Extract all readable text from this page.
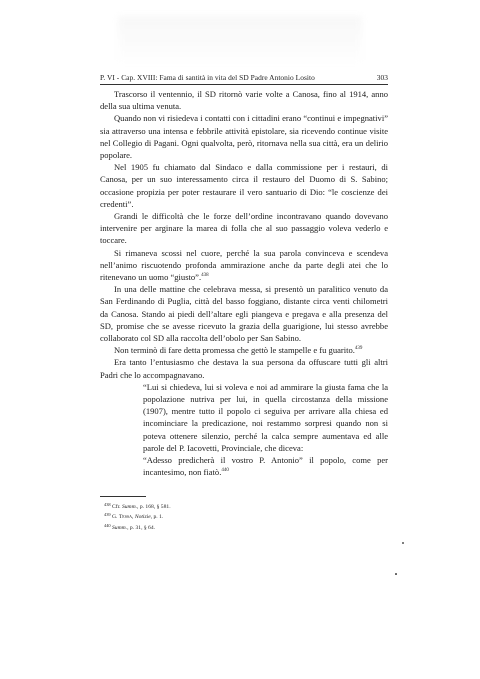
P. VI - Cap. XVIII: Fama di santità in vita del SD Padre Antonio Losito	303

Trascorso il ventennio, il SD ritornò varie volte a Canosa, fino al 1914, anno della sua ultima venuta.

Quando non vi risiedeva i contatti con i cittadini erano “continui e impegnativi” sia attraverso una intensa e febbrile attività epistolare, sia ricevendo continue visite nel Collegio di Pagani. Ogni qualvolta, però, ritornava nella sua città, era un delirio popolare.

Nel 1905 fu chiamato dal Sindaco e dalla commissione per i restauri, di Canosa, per un suo interessamento circa il restauro del Duomo di S. Sabino; occasione propizia per poter restaurare il vero santuario di Dio: “le coscienze dei credenti”.

Grandi le difficoltà che le forze dell’ordine incontravano quando dovevano intervenire per arginare la marea di folla che al suo passaggio voleva vederlo e toccare.

Si rimaneva scossi nel cuore, perché la sua parola convinceva e scendeva nell’animo riscuotendo profonda ammirazione anche da parte degli atei che lo ritenevano un uomo “giusto”.$^{438}$

In una delle mattine che celebrava messa, si presentò un paralitico venuto da San Ferdinando di Puglia, città del basso foggiano, distante circa venti chilometri da Canosa. Stando ai piedi dell’altare egli piangeva e pregava e alla presenza del SD, promise che se avesse ricevuto la grazia della guarigione, lui stesso avrebbe collaborato col SD alla raccolta dell’obolo per San Sabino.

Non terminò di fare detta promessa che gettò le stampelle e fu guarito.$^{439}$

Era tanto l’entusiasmo che destava la sua persona da offuscare tutti gli altri Padri che lo accompagnavano.

“Lui si chiedeva, lui si voleva e noi ad ammirare la giusta fama che la popolazione nutriva per lui, in quella circostanza della missione (1907), mentre tutto il popolo ci seguiva per arrivare alla chiesa ed incominciare la predicazione, noi restammo sorpresi quando non si poteva ottenere silenzio, perché la calca sempre aumentava ed alle parole del P. Iacovetti, Provinciale, che diceva:

“Adesso predicherà il vostro P. Antonio” il popolo, come per incantesimo, non fiatò.$^{440}$

$^{438}$ Cfr. Summ., p. 168, § 581.
$^{439}$ G. Tessa, Notizie, p. 1.
$^{440}$ Summ., p. 31, § 64.
